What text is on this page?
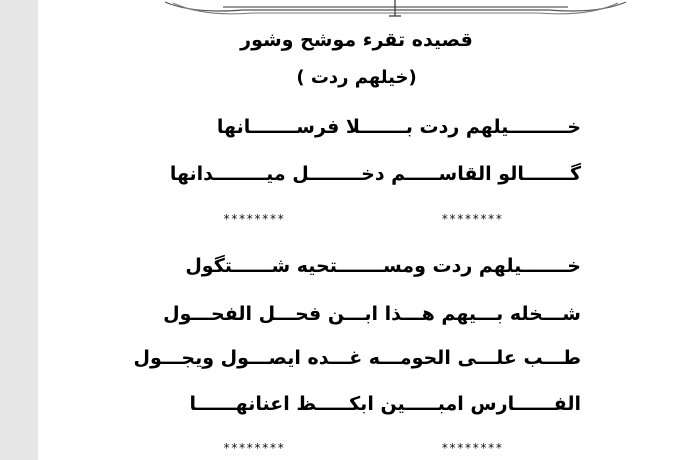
قصيده تقرء موشح وشور
(خيلهم ردت )
خـــــــــيلهم ردت بـــــــلا فرســـــــانها
گـــــــالو القاســـــم دخــــــــل ميــــــــدانها
********	********
خـــــــيلهم ردت ومســـــــتحيه شــــــتگول
شـــخله بـــيهم هـــذا ابـــن فحـــل الفحـــول
طـــب علـــى الحومـــه غـــده ايصـــول ويجـــول
الفــــــارس امبـــــين ابكـــــظ اعنانهــــــا
********	********
